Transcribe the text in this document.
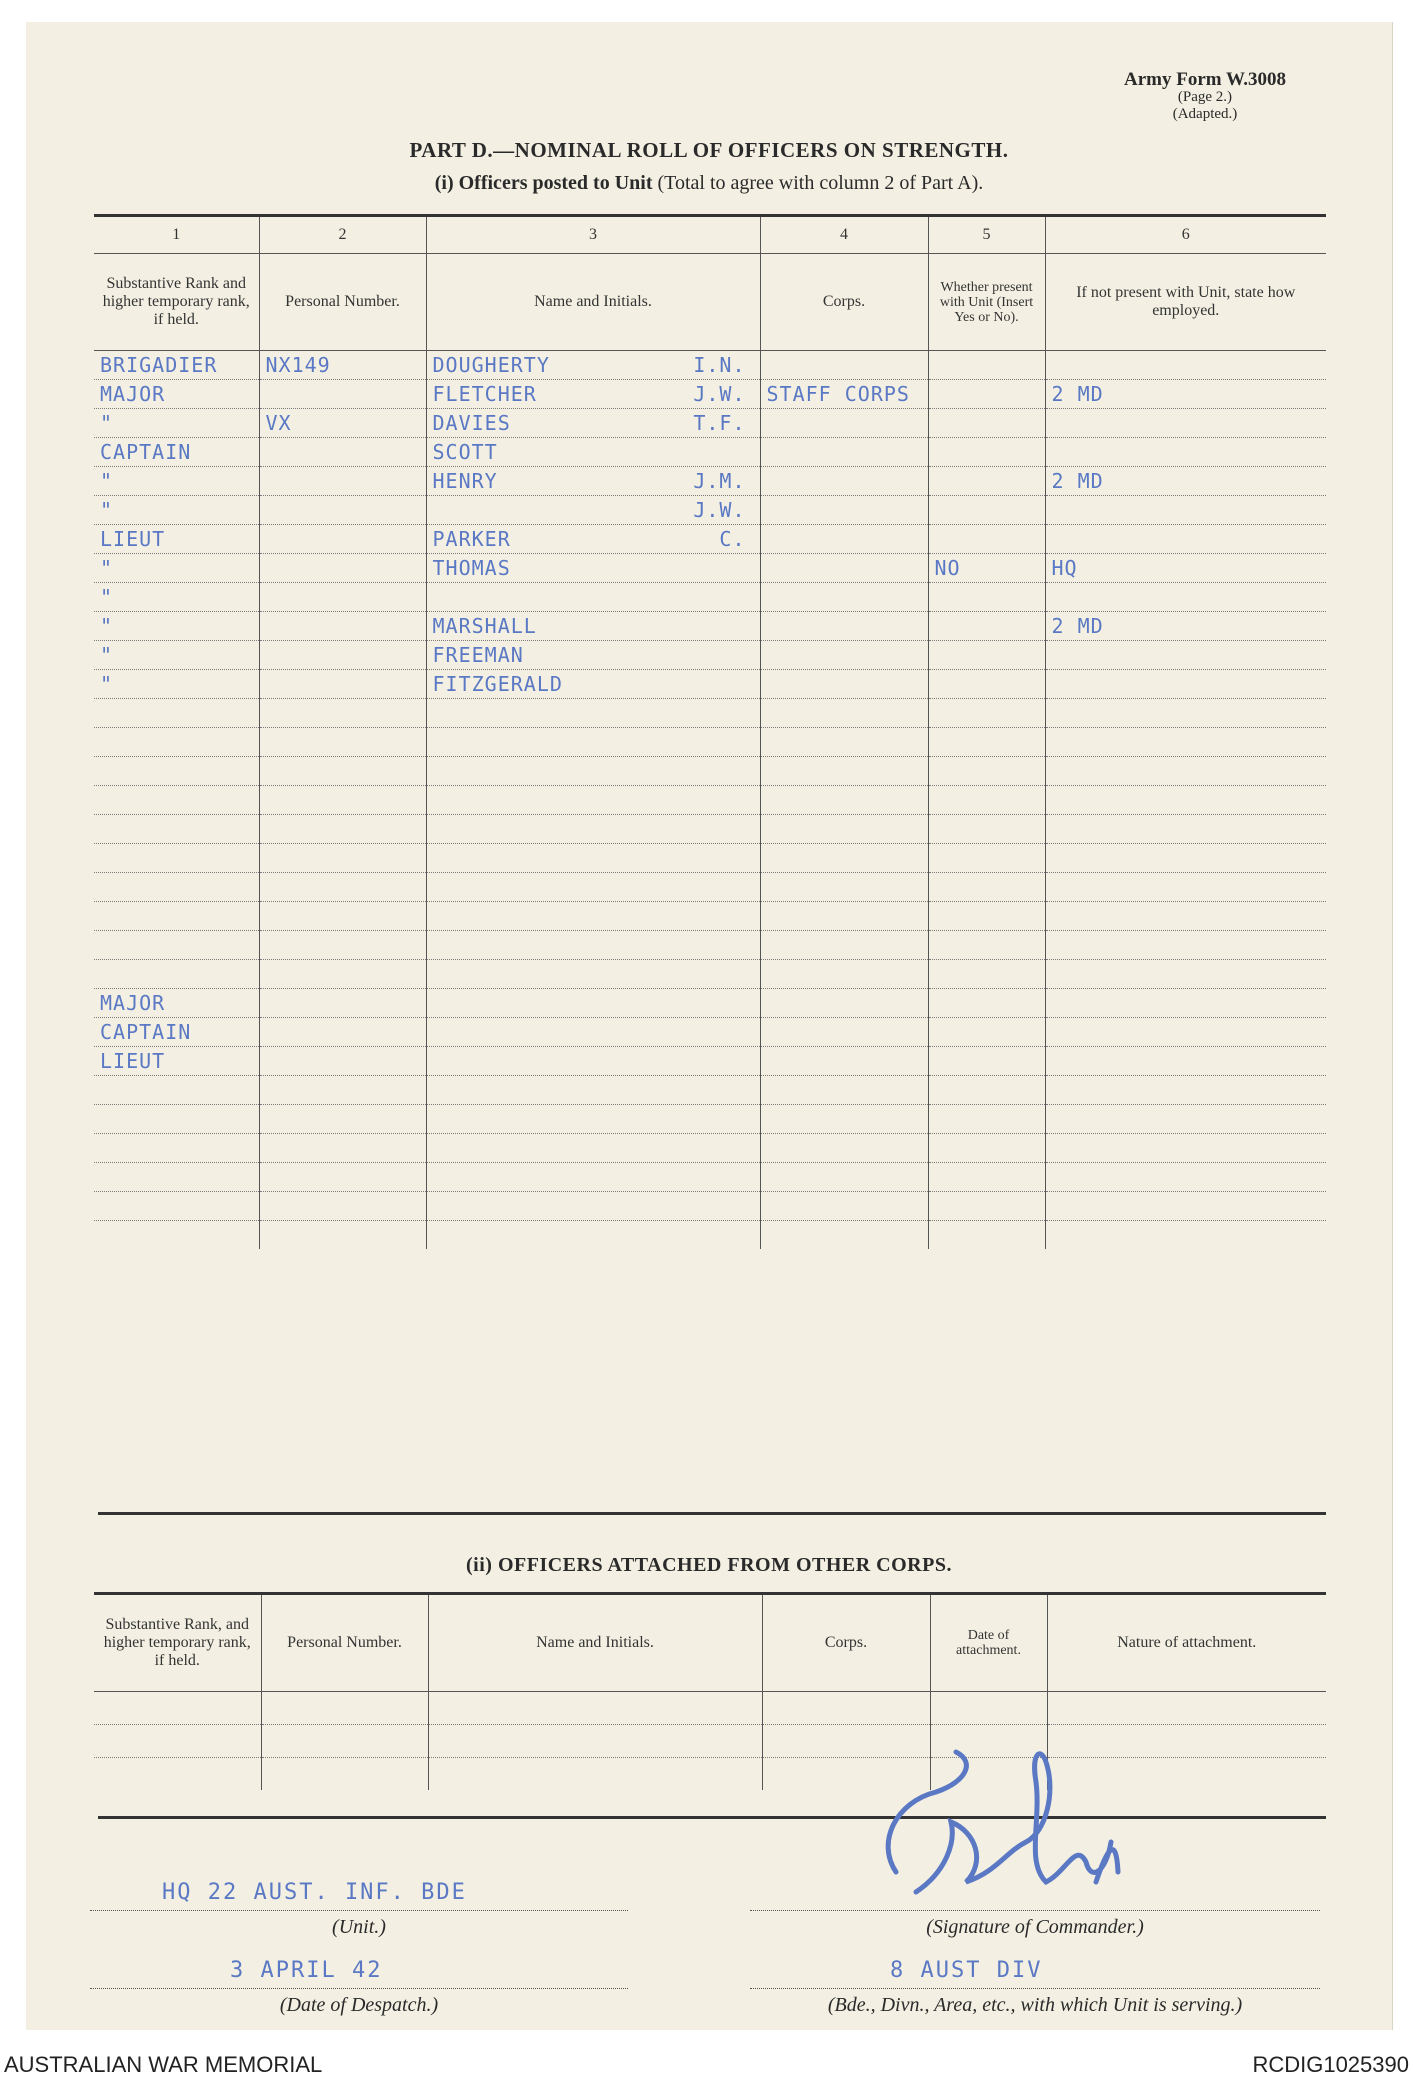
Army Form W.3008
(Page 2.)
(Adapted.)
PART D.—NOMINAL ROLL OF OFFICERS ON STRENGTH.
(i) Officers posted to Unit (Total to agree with column 2 of Part A).
1	2	3	4	5	6
Substantive Rank and higher temporary rank, if held.	Personal Number.	Name and Initials.	Corps.	Whether present with Unit (Insert Yes or No).	If not present with Unit, state how employed.
BRIGADIER	NX149	DOUGHERTY I.N.			

MAJOR		FLETCHER J.W.	STAFF CORPS		2 MD
"	VX	DAVIES T.F.			

CAPTAIN		SCOTT

"		HENRY J.M.			2 MD
"		J.W.			

LIEUT		PARKER C.			

"		THOMAS		NO	HQ
"		

"		MARSHALL			2 MD
"		FREEMAN

"		FITZGERALD

MAJOR		

CAPTAIN		

LIEUT		

(ii) OFFICERS ATTACHED FROM OTHER CORPS.
Substantive Rank, and higher temporary rank, if held.	Personal Number.	Name and Initials.	Corps.	Date of attachment.	Nature of attachment.

HQ 22 AUST. INF. BDE
(Unit.)	(Signature of Commander.)
3 APRIL 42
(Date of Despatch.)
8 AUST DIV
(Bde., Divn., Area, etc., with which Unit is serving.)
AUSTRALIAN WAR MEMORIAL	RCDIG1025390
